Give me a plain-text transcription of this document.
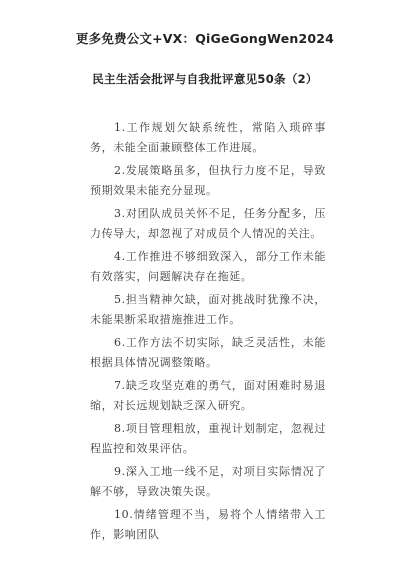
更多免费公文+VX：QiGeGongWen2024
民主生活会批评与自我批评意见50条（2）

1.工作规划欠缺系统性，常陷入琐碎事务，未能全面兼顾整体工作进展。

2.发展策略虽多，但执行力度不足，导致预期效果未能充分显现。

3.对团队成员关怀不足，任务分配多，压力传导大，却忽视了对成员个人情况的关注。

4.工作推进不够细致深入，部分工作未能有效落实，问题解决存在拖延。

5.担当精神欠缺，面对挑战时犹豫不决，未能果断采取措施推进工作。

6.工作方法不切实际，缺乏灵活性，未能根据具体情况调整策略。

7.缺乏攻坚克难的勇气，面对困难时易退缩，对长远规划缺乏深入研究。

8.项目管理粗放，重视计划制定，忽视过程监控和效果评估。

9.深入工地一线不足，对项目实际情况了解不够，导致决策失误。

10.情绪管理不当，易将个人情绪带入工作，影响团队
